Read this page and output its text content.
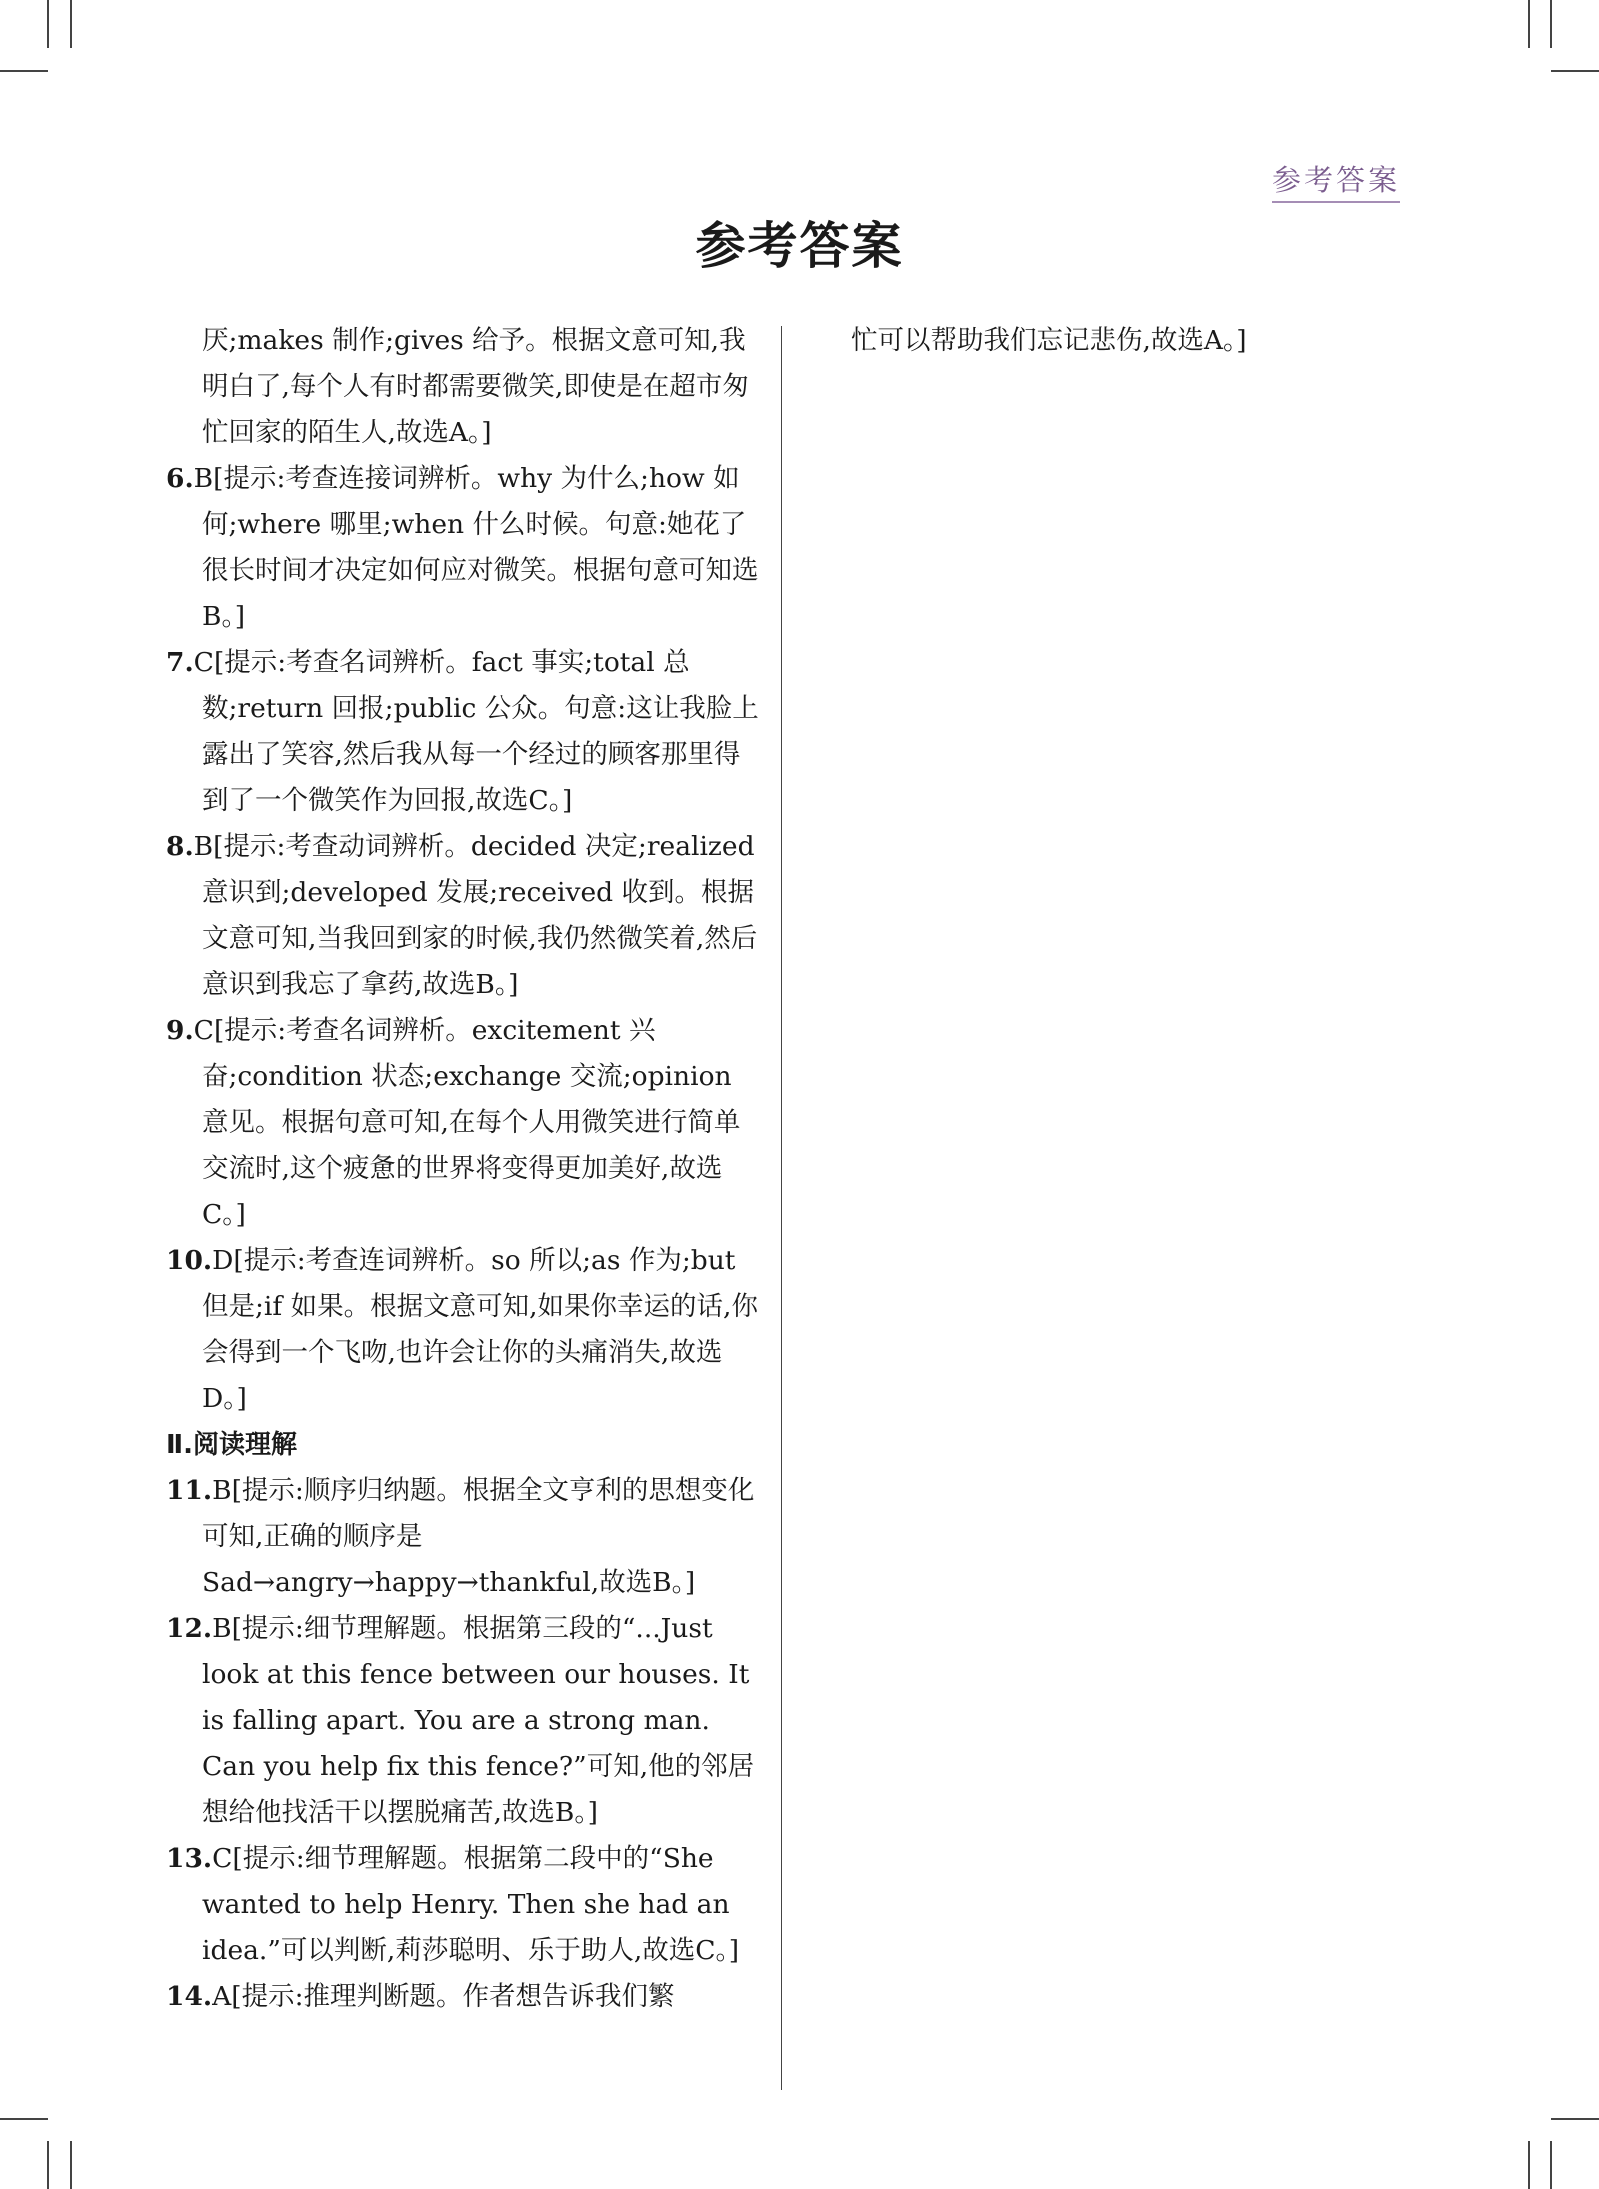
参考答案
参考答案
厌;makes 制作;gives 给予。根据文意可知,我明白了,每个人有时都需要微笑,即使是在超市匆忙回家的陌生人,故选A。]
6.B[提示:考查连接词辨析。why 为什么;how 如何;where 哪里;when 什么时候。句意:她花了很长时间才决定如何应对微笑。根据句意可知选B。]
7.C[提示:考查名词辨析。fact 事实;total 总数;return 回报;public 公众。句意:这让我脸上露出了笑容,然后我从每一个经过的顾客那里得到了一个微笑作为回报,故选C。]
8.B[提示:考查动词辨析。decided 决定;realized 意识到;developed 发展;received 收到。根据文意可知,当我回到家的时候,我仍然微笑着,然后意识到我忘了拿药,故选B。]
9.C[提示:考查名词辨析。excitement 兴奋;condition 状态;exchange 交流;opinion 意见。根据句意可知,在每个人用微笑进行简单交流时,这个疲惫的世界将变得更加美好,故选C。]
10.D[提示:考查连词辨析。so 所以;as 作为;but 但是;if 如果。根据文意可知,如果你幸运的话,你会得到一个飞吻,也许会让你的头痛消失,故选D。]
Ⅱ.阅读理解
11.B[提示:顺序归纳题。根据全文亨利的思想变化可知,正确的顺序是 Sad→angry→happy→thankful,故选B。]
12.B[提示:细节理解题。根据第三段的“...Just look at this fence between our houses. It is falling apart. You are a strong man. Can you help fix this fence?”可知,他的邻居想给他找活干以摆脱痛苦,故选B。]
13.C[提示:细节理解题。根据第二段中的“She wanted to help Henry. Then she had an idea.”可以判断,莉莎聪明、乐于助人,故选C。]
14.A[提示:推理判断题。作者想告诉我们繁
忙可以帮助我们忘记悲伤,故选A。]
